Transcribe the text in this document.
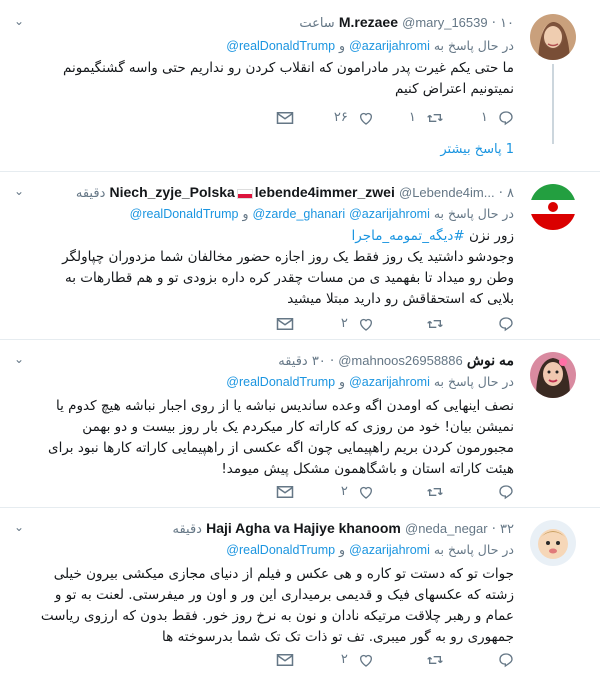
⌄	M.rezaee @mary_16539 · ۱۰ ساعت
در حال پاسخ به @azarijahromi و @realDonaldTrump
ما حتی یکم غیرت پدر مادرامون که انقلاب کردن رو نداریم حتی واسه گشنگیمونم نمیتونیم اعتراض کنیم
۱
۱
۲۶
1 پاسخ بیشتر
⌄	Niech_zyje_Polska lebende4immer_zwei @Lebende4im... · ۸ دقیقه
در حال پاسخ به @azarijahromi @zarde_ghanari و @realDonaldTrump
زور نزن #دیگه_تمومه_ماجرا
وجودشو داشتید یک روز فقط یک روز اجازه حضور مخالفان شما مزدوران چپاولگر وطن رو میداد تا بفهمید ی من مسات چقدر کره داره بزودی تو و هم قطارهات به بلایی که استحقاقش رو دارید مبتلا میشید
۲
⌄	مه نوش @mahnoos26958886 · ۳۰ دقیقه
در حال پاسخ به @azarijahromi و @realDonaldTrump
نصف اینهایی که اومدن اگه وعده ساندیس نباشه یا از روی اجبار نباشه هیچ کدوم یا نمیشن بیان! خود من روزی که کاراته کار میکردم یک بار روز بیست و دو بهمن مجبورمون کردن بریم راهپیمایی چون اگه عکسی از راهپیمایی کاراته کارها نبود برای هیئت کاراته استان و باشگاهمون مشکل پیش میومد!
۲
⌄	Haji Agha va Hajiye khanoom @neda_negar · ۳۲ دقیقه
در حال پاسخ به @azarijahromi و @realDonaldTrump
جوات تو که دستت تو کاره و هی عکس و فیلم از دنیای مجازی میکشی بیرون خیلی زشته که عکسهای فیک و قدیمی برمیداری این ور و اون ور میفرستی. لعنت به تو و عمام و رهبر چلاقت مرتیکه نادان و نون به نرخ روز خور. فقط بدون که ارزوی ریاست جمهوری رو به گور میبری. تف تو ذات تک تک شما بدرسوخته ها
۲
